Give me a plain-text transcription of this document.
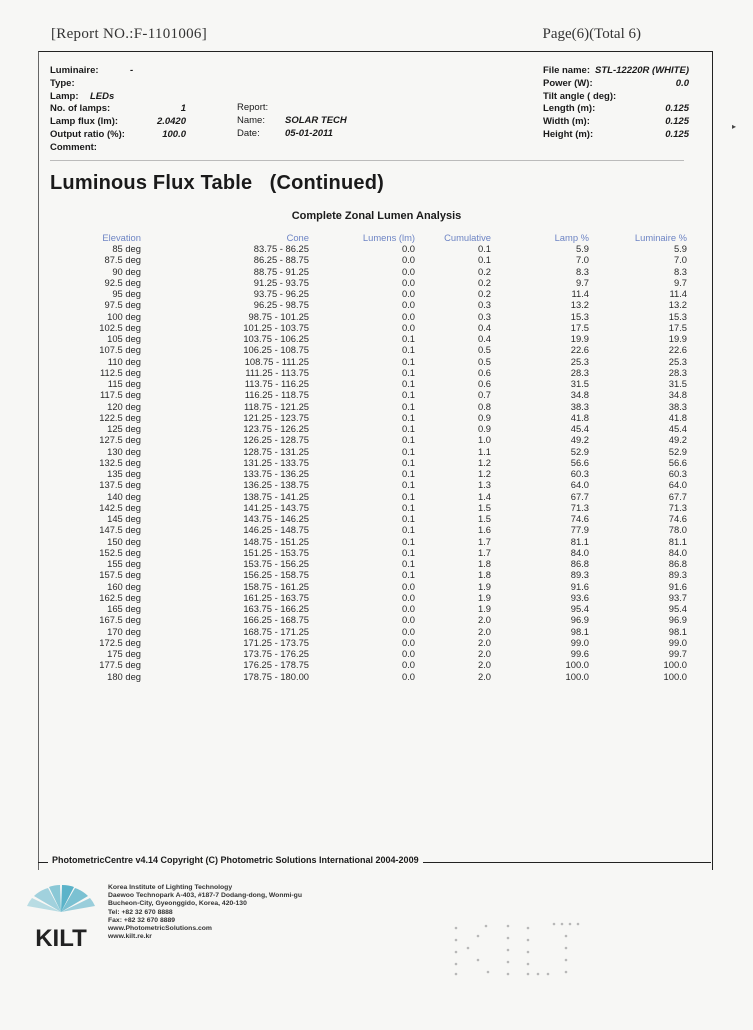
[Report NO.:F-1101006]	Page(6)(Total 6)
▸
Luminaire:	-
Type:
Lamp:	LEDs
No. of lamps:	1
Lamp flux (lm):	2.0420
Output ratio (%):	100.0
Comment:
Report:
Name:	SOLAR TECH
Date:	05-01-2011
File name: STL-12220R (WHITE)
Power (W):	0.0
Tilt angle ( deg):
Length (m):	0.125
Width (m):	0.125
Height (m):	0.125
Luminous Flux Table   (Continued)
Complete Zonal Lumen Analysis
Elevation	Cone	Lumens (lm)	Cumulative	Lamp %	Luminaire %
85 deg	83.75 - 86.25	0.0	0.1	5.9	5.9
87.5 deg	86.25 - 88.75	0.0	0.1	7.0	7.0
90 deg	88.75 - 91.25	0.0	0.2	8.3	8.3
92.5 deg	91.25 - 93.75	0.0	0.2	9.7	9.7
95 deg	93.75 - 96.25	0.0	0.2	11.4	11.4
97.5 deg	96.25 - 98.75	0.0	0.3	13.2	13.2
100 deg	98.75 - 101.25	0.0	0.3	15.3	15.3
102.5 deg	101.25 - 103.75	0.0	0.4	17.5	17.5
105 deg	103.75 - 106.25	0.1	0.4	19.9	19.9
107.5 deg	106.25 - 108.75	0.1	0.5	22.6	22.6
110 deg	108.75 - 111.25	0.1	0.5	25.3	25.3
112.5 deg	111.25 - 113.75	0.1	0.6	28.3	28.3
115 deg	113.75 - 116.25	0.1	0.6	31.5	31.5
117.5 deg	116.25 - 118.75	0.1	0.7	34.8	34.8
120 deg	118.75 - 121.25	0.1	0.8	38.3	38.3
122.5 deg	121.25 - 123.75	0.1	0.9	41.8	41.8
125 deg	123.75 - 126.25	0.1	0.9	45.4	45.4
127.5 deg	126.25 - 128.75	0.1	1.0	49.2	49.2
130 deg	128.75 - 131.25	0.1	1.1	52.9	52.9
132.5 deg	131.25 - 133.75	0.1	1.2	56.6	56.6
135 deg	133.75 - 136.25	0.1	1.2	60.3	60.3
137.5 deg	136.25 - 138.75	0.1	1.3	64.0	64.0
140 deg	138.75 - 141.25	0.1	1.4	67.7	67.7
142.5 deg	141.25 - 143.75	0.1	1.5	71.3	71.3
145 deg	143.75 - 146.25	0.1	1.5	74.6	74.6
147.5 deg	146.25 - 148.75	0.1	1.6	77.9	78.0
150 deg	148.75 - 151.25	0.1	1.7	81.1	81.1
152.5 deg	151.25 - 153.75	0.1	1.7	84.0	84.0
155 deg	153.75 - 156.25	0.1	1.8	86.8	86.8
157.5 deg	156.25 - 158.75	0.1	1.8	89.3	89.3
160 deg	158.75 - 161.25	0.0	1.9	91.6	91.6
162.5 deg	161.25 - 163.75	0.0	1.9	93.6	93.7
165 deg	163.75 - 166.25	0.0	1.9	95.4	95.4
167.5 deg	166.25 - 168.75	0.0	2.0	96.9	96.9
170 deg	168.75 - 171.25	0.0	2.0	98.1	98.1
172.5 deg	171.25 - 173.75	0.0	2.0	99.0	99.0
175 deg	173.75 - 176.25	0.0	2.0	99.6	99.7
177.5 deg	176.25 - 178.75	0.0	2.0	100.0	100.0
180 deg	178.75 - 180.00	0.0	2.0	100.0	100.0
PhotometricCentre v4.14 Copyright (C) Photometric Solutions International 2004-2009
KILT
Korea Institute of Lighting Technology
Daewoo Technopark A-403, #187-7 Dodang-dong, Wonmi-gu
Bucheon-City, Gyeonggido, Korea, 420-130
Tel: +82 32 670 8888
Fax: +82 32 670 8889
www.PhotometricSolutions.com
www.kilt.re.kr
